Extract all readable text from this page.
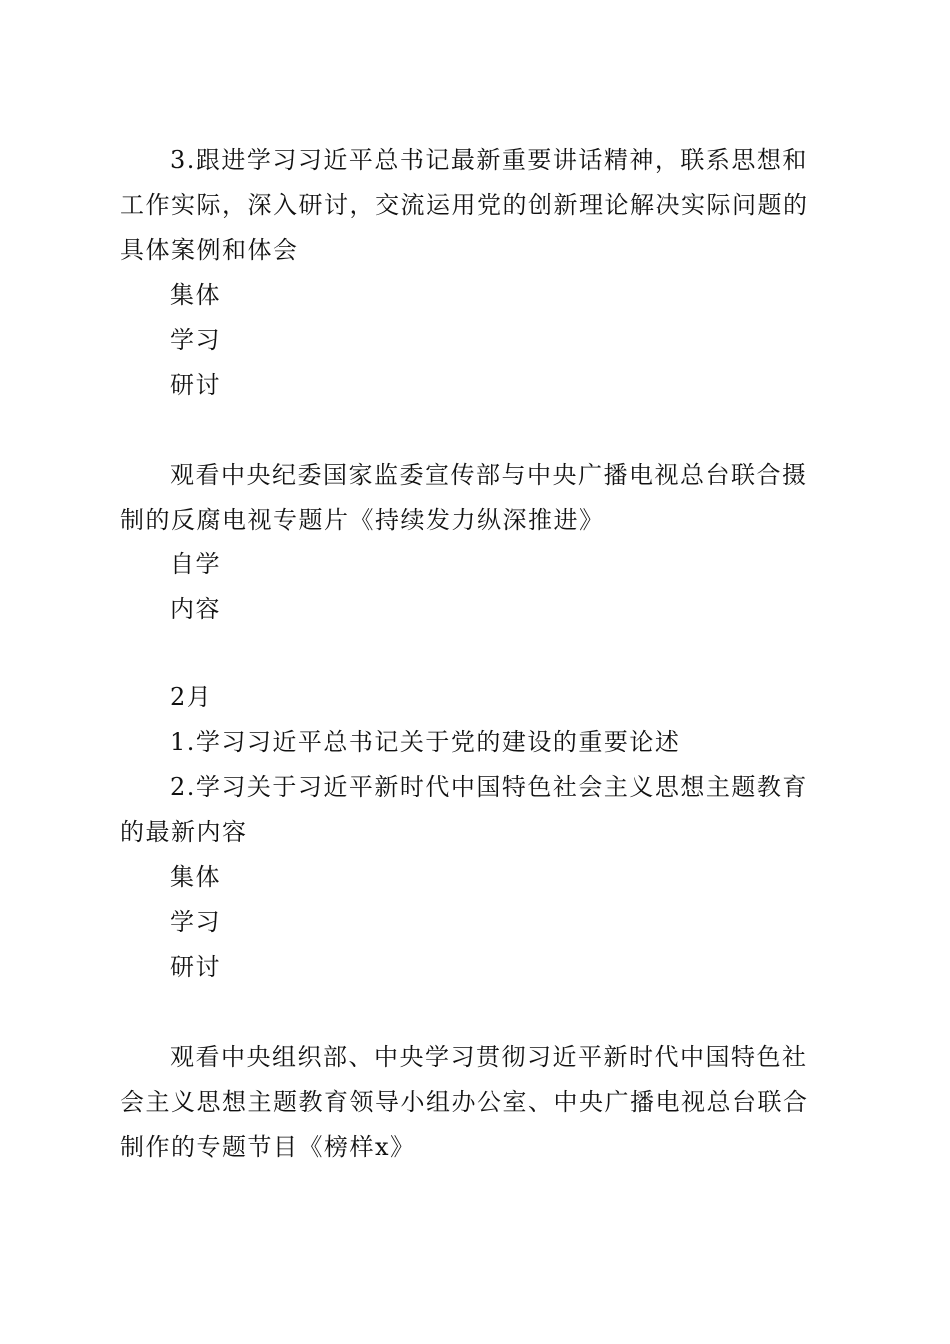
3.跟进学习习近平总书记最新重要讲话精神，联系思想和
工作实际，深入研讨，交流运用党的创新理论解决实际问题的
具体案例和体会
集体
学习
研讨
观看中央纪委国家监委宣传部与中央广播电视总台联合摄
制的反腐电视专题片《持续发力纵深推进》
自学
内容
2月
1.学习习近平总书记关于党的建设的重要论述
2.学习关于习近平新时代中国特色社会主义思想主题教育
的最新内容
集体
学习
研讨
观看中央组织部、中央学习贯彻习近平新时代中国特色社
会主义思想主题教育领导小组办公室、中央广播电视总台联合
制作的专题节目《榜样x》
